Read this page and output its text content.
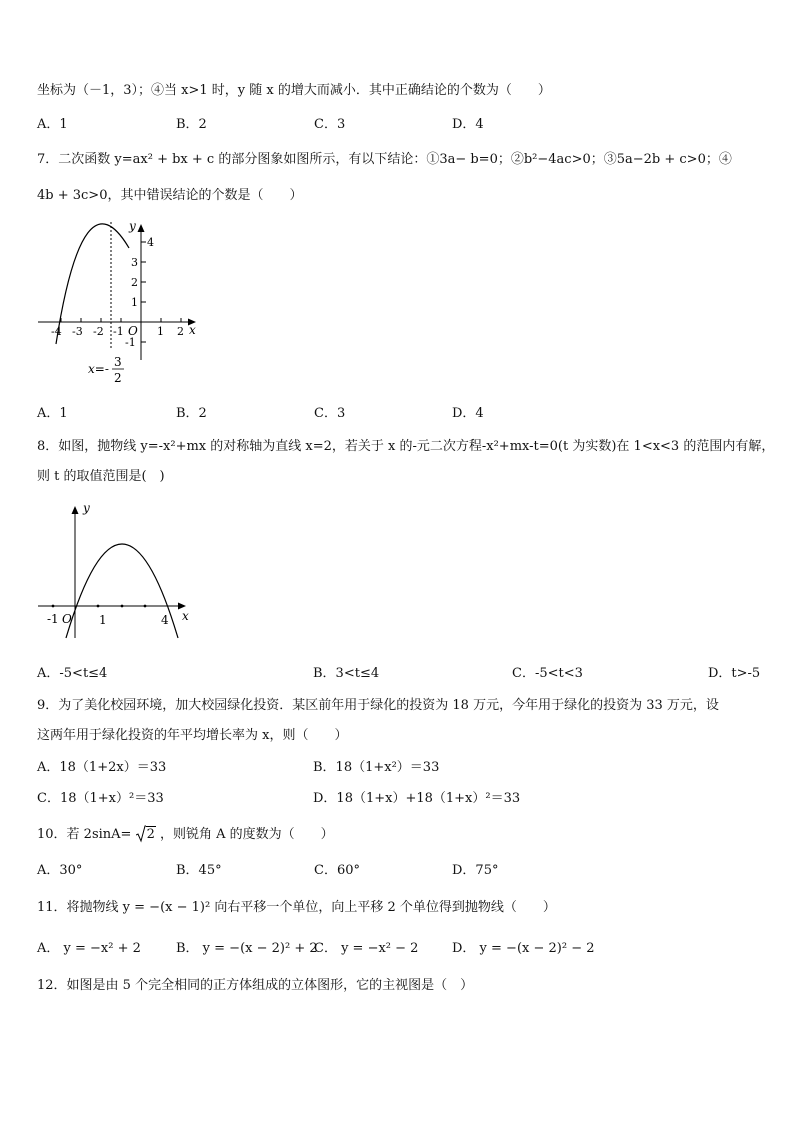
坐标为（－1，3）；④当 x>1 时，y 随 x 的增大而减小．其中正确结论的个数为（　　）
A．1	B．2	C．3	D．4
7．二次函数 y=ax² + bx + c 的部分图象如图所示，有以下结论：①3a− b=0；②b²−4ac>0；③5a−2b + c>0；④
4b + 3c>0，其中错误结论的个数是（　　）
y
x
O
4
3
2
1
-1
-4 -3 -2 -1	1 2
x=- 3
2
A．1	B．2	C．3	D．4
8．如图，抛物线 y=-x²+mx 的对称轴为直线 x=2，若关于 x 的-元二次方程-x²+mx-t=0(t 为实数)在 1<x<3 的范围内有解，
则 t 的取值范围是(　)
y
x
-1 O 1	4
A．-5<t≤4	B．3<t≤4	C．-5<t<3	D．t>-5
9．为了美化校园环境，加大校园绿化投资．某区前年用于绿化的投资为 18 万元，今年用于绿化的投资为 33 万元，设
这两年用于绿化投资的年平均增长率为 x，则（　　）
A．18（1+2x）＝33	B．18（1+x²）＝33
C．18（1+x）²＝33	D．18（1+x）+18（1+x）²＝33
10．若 2sinA= 2 ，则锐角 A 的度数为（　　）
A．30°	B．45°	C．60°	D．75°
11．将抛物线 y = −(x − 1)² 向右平移一个单位，向上平移 2 个单位得到抛物线（　　）
A． y = −x² + 2	B． y = −(x − 2)² + 2
C． y = −x² − 2	D． y = −(x − 2)² − 2
12．如图是由 5 个完全相同的正方体组成的立体图形，它的主视图是（　）
